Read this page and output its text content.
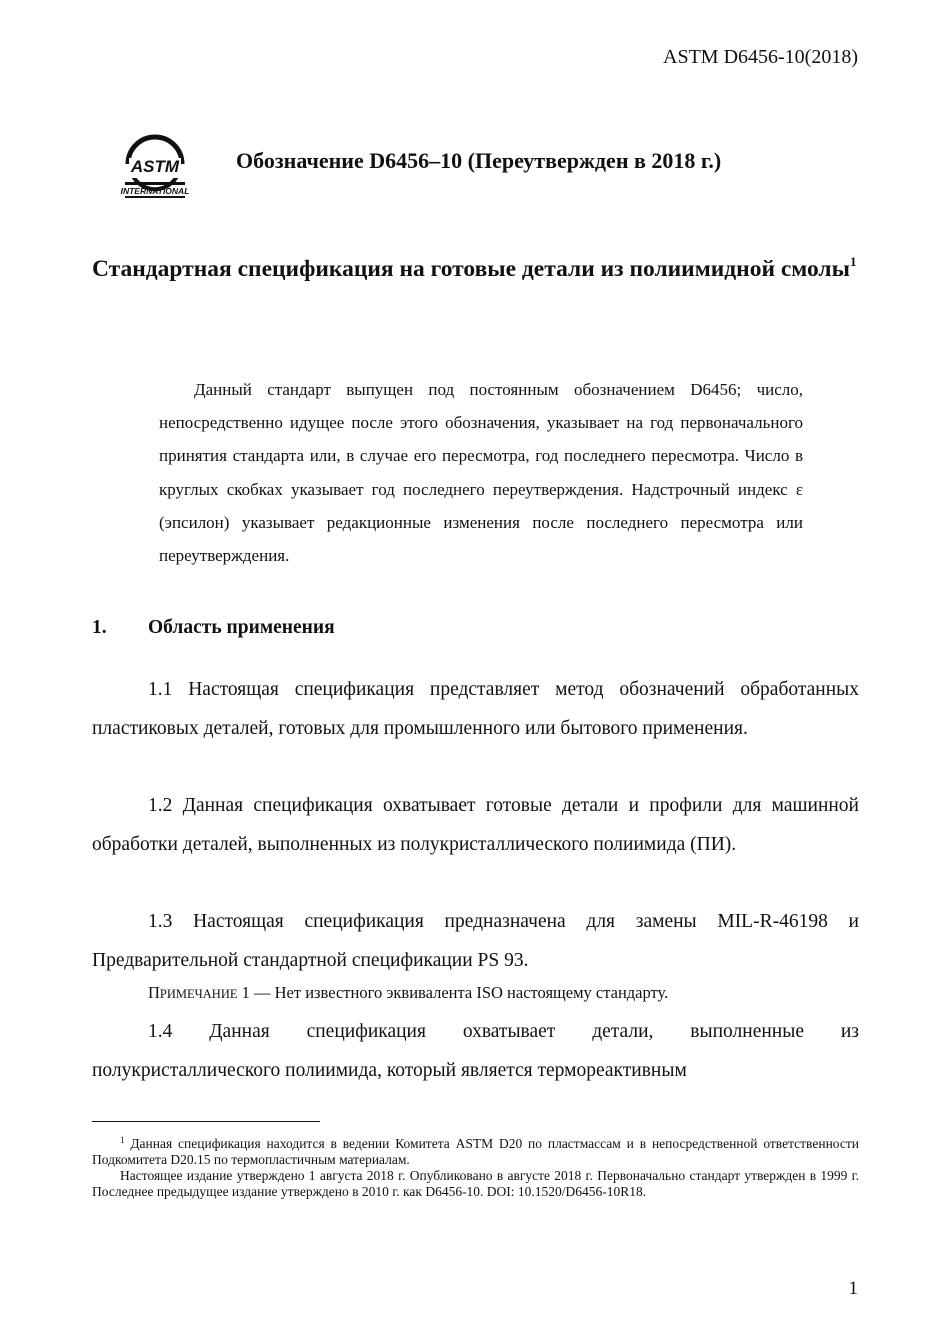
ASTM D6456-10(2018)
ASTM
INTERNATIONAL
Обозначение D6456–10 (Переутвержден в 2018 г.)
Стандартная спецификация на готовые детали из полиимидной смолы$^1$
Данный стандарт выпущен под постоянным обозначением D6456; число, непосредственно идущее после этого обозначения, указывает на год первоначального принятия стандарта или, в случае его пересмотра, год последнего пересмотра. Число в круглых скобках указывает год последнего переутверждения. Надстрочный индекс ε (эпсилон) указывает редакционные изменения после последнего пересмотра или переутверждения.
1. Область применения
1.1 Настоящая спецификация представляет метод обозначений обработанных пластиковых деталей, готовых для промышленного или бытового применения.
1.2 Данная спецификация охватывает готовые детали и профили для машинной обработки деталей, выполненных из полукристаллического полиимида (ПИ).
1.3 Настоящая спецификация предназначена для замены MIL-R-46198 и Предварительной стандартной спецификации PS 93.
ПРИМЕЧАНИЕ 1 — Нет известного эквивалента ISO настоящему стандарту.
1.4 Данная спецификация охватывает детали, выполненные из полукристаллического полиимида, который является термореактивным

$^1$ Данная спецификация находится в ведении Комитета ASTM D20 по пластмассам и в непосредственной ответственности Подкомитета D20.15 по термопластичным материалам.

Настоящее издание утверждено 1 августа 2018 г. Опубликовано в августе 2018 г. Первоначально стандарт утвержден в 1999 г. Последнее предыдущее издание утверждено в 2010 г. как D6456-10. DOI: 10.1520/D6456-10R18.

1
